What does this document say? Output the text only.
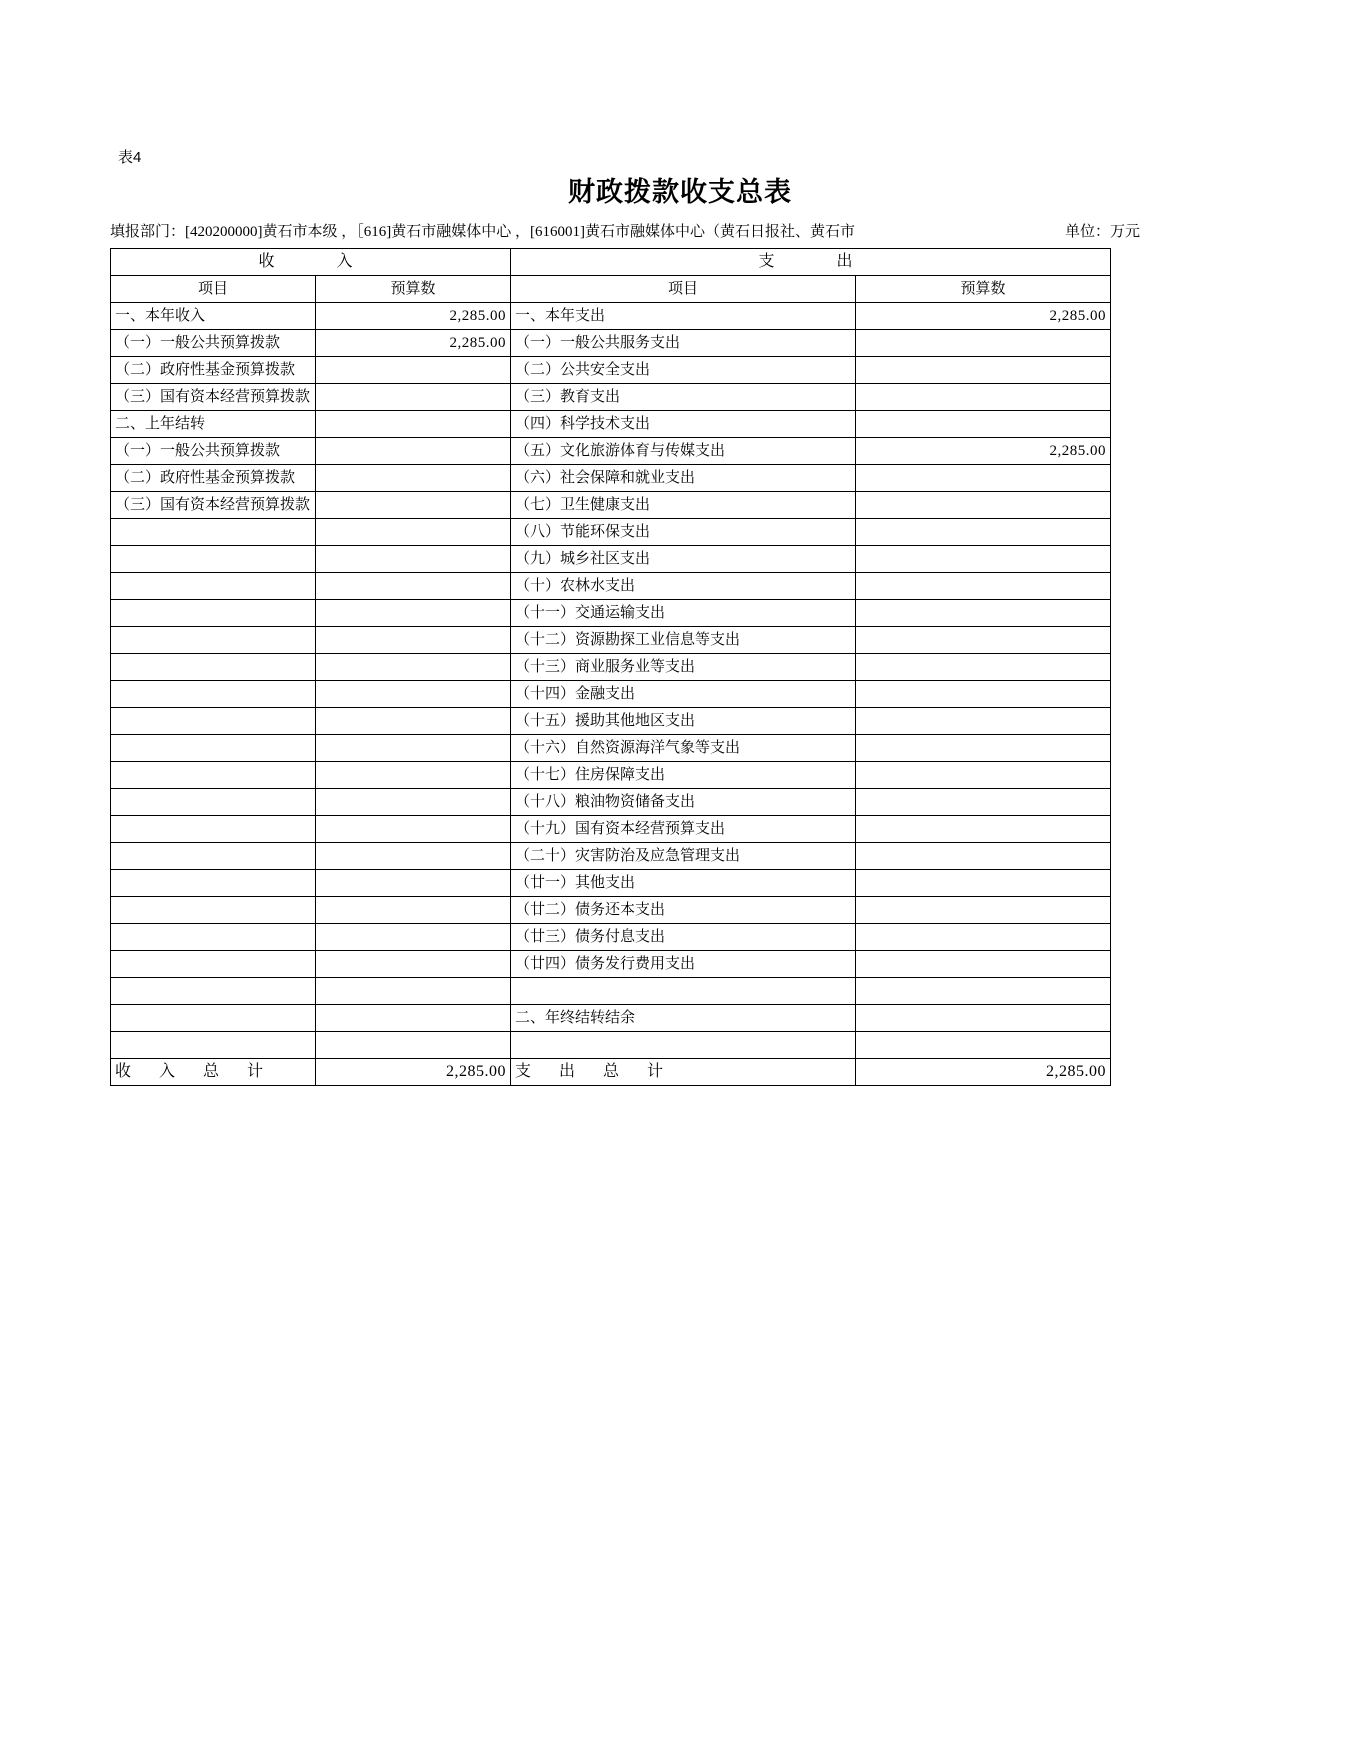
表4
财政拨款收支总表
填报部门：[420200000]黄石市本级 ，［616]黄石市融媒体中心 ，[616001]黄石市融媒体中心（黄石日报社、黄石市	单位：万元
收　　入		支　　出	
项目	预算数	项目	预算数
一、本年收入	2,285.00	一、本年支出	2,285.00
（一）一般公共预算拨款	2,285.00	（一）一般公共服务支出	
（二）政府性基金预算拨款		（二）公共安全支出	
（三）国有资本经营预算拨款		（三）教育支出	
二、上年结转		（四）科学技术支出	
（一）一般公共预算拨款		（五）文化旅游体育与传媒支出	2,285.00
（二）政府性基金预算拨款		（六）社会保障和就业支出	
（三）国有资本经营预算拨款		（七）卫生健康支出	
		（八）节能环保支出	
		（九）城乡社区支出	
		（十）农林水支出	
		（十一）交通运输支出	
		（十二）资源勘探工业信息等支出	
		（十三）商业服务业等支出	
		（十四）金融支出	
		（十五）援助其他地区支出	
		（十六）自然资源海洋气象等支出	
		（十七）住房保障支出	
		（十八）粮油物资储备支出	
		（十九）国有资本经营预算支出	
		（二十）灾害防治及应急管理支出	
		（廿一）其他支出	
		（廿二）债务还本支出	
		（廿三）债务付息支出	
		（廿四）债务发行费用支出	

		二、年终结转结余	

收　入　总　计	2,285.00	支　出　总　计	2,285.00
